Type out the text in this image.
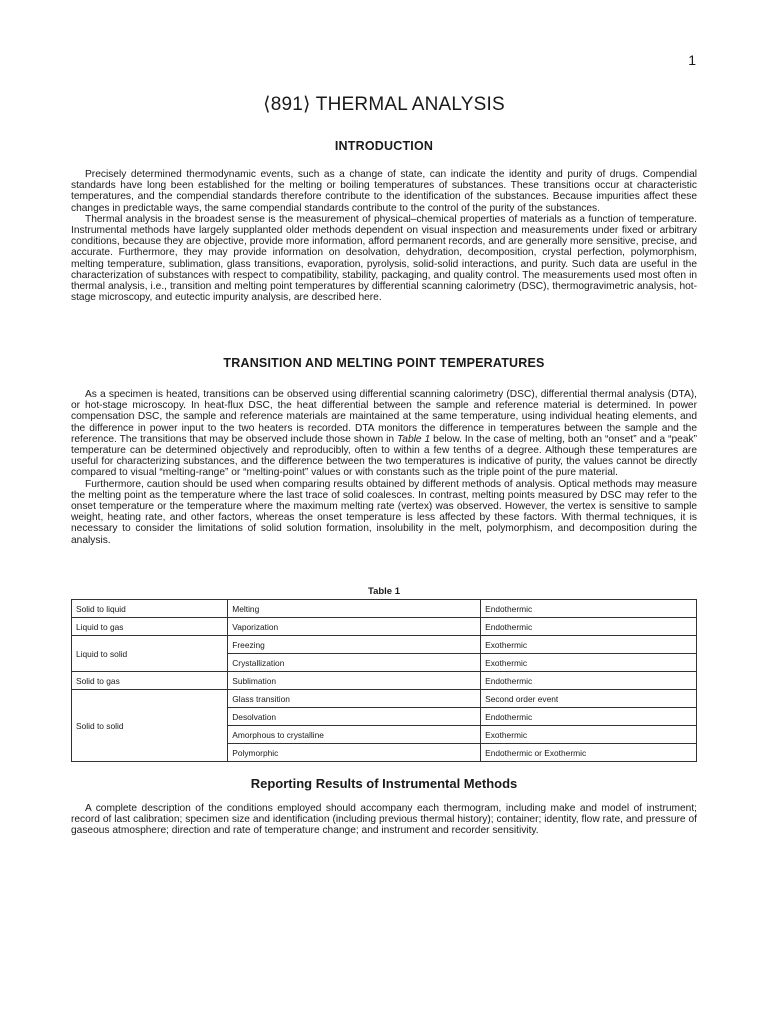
1
⟨891⟩ THERMAL ANALYSIS
INTRODUCTION

Precisely determined thermodynamic events, such as a change of state, can indicate the identity and purity of drugs. Compendial standards have long been established for the melting or boiling temperatures of substances. These transitions occur at characteristic temperatures, and the compendial standards therefore contribute to the identification of the substances. Because impurities affect these changes in predictable ways, the same compendial standards contribute to the control of the purity of the substances.

Thermal analysis in the broadest sense is the measurement of physical–chemical properties of materials as a function of temperature. Instrumental methods have largely supplanted older methods dependent on visual inspection and measurements under fixed or arbitrary conditions, because they are objective, provide more information, afford permanent records, and are generally more sensitive, precise, and accurate. Furthermore, they may provide information on desolvation, dehydration, decomposition, crystal perfection, polymorphism, melting temperature, sublimation, glass transitions, evaporation, pyrolysis, solid-solid interactions, and purity. Such data are useful in the characterization of substances with respect to compatibility, stability, packaging, and quality control. The measurements used most often in thermal analysis, i.e., transition and melting point temperatures by differential scanning calorimetry (DSC), thermogravimetric analysis, hot-stage microscopy, and eutectic impurity analysis, are described here.

TRANSITION AND MELTING POINT TEMPERATURES

As a specimen is heated, transitions can be observed using differential scanning calorimetry (DSC), differential thermal analysis (DTA), or hot-stage microscopy. In heat-flux DSC, the heat differential between the sample and reference material is determined. In power compensation DSC, the sample and reference materials are maintained at the same temperature, using individual heating elements, and the difference in power input to the two heaters is recorded. DTA monitors the difference in temperatures between the sample and the reference. The transitions that may be observed include those shown in Table 1 below. In the case of melting, both an “onset” and a “peak” temperature can be determined objectively and reproducibly, often to within a few tenths of a degree. Although these temperatures are useful for characterizing substances, and the difference between the two temperatures is indicative of purity, the values cannot be directly compared to visual “melting-range” or “melting-point” values or with constants such as the triple point of the pure material.

Furthermore, caution should be used when comparing results obtained by different methods of analysis. Optical methods may measure the melting point as the temperature where the last trace of solid coalesces. In contrast, melting points measured by DSC may refer to the onset temperature or the temperature where the maximum melting rate (vertex) was observed. However, the vertex is sensitive to sample weight, heating rate, and other factors, whereas the onset temperature is less affected by these factors. With thermal techniques, it is necessary to consider the limitations of solid solution formation, insolubility in the melt, polymorphism, and decomposition during the analysis.

Table 1
Solid to liquid	Melting	Endothermic
Liquid to gas	Vaporization	Endothermic
Liquid to solid	Freezing	Exothermic
	Crystallization	Exothermic
Solid to gas	Sublimation	Endothermic
Solid to solid	Glass transition	Second order event
	Desolvation	Endothermic
	Amorphous to crystalline	Exothermic
	Polymorphic	Endothermic or Exothermic
Reporting Results of Instrumental Methods

A complete description of the conditions employed should accompany each thermogram, including make and model of instrument; record of last calibration; specimen size and identification (including previous thermal history); container; identity, flow rate, and pressure of gaseous atmosphere; direction and rate of temperature change; and instrument and recorder sensitivity.
